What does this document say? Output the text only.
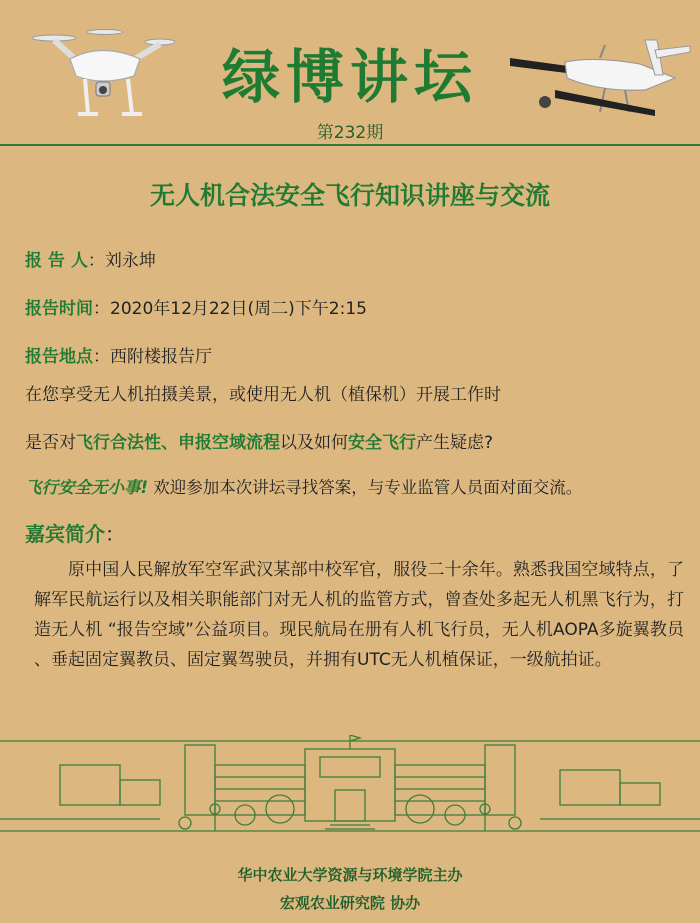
绿博讲坛
第232期
无人机合法安全飞行知识讲座与交流
报 告 人：刘永坤
报告时间：2020年12月22日(周二)下午2:15
报告地点：西附楼报告厅
在您享受无人机拍摄美景，或使用无人机（植保机）开展工作时
是否对飞行合法性、申报空域流程以及如何安全飞行产生疑虑?
飞行安全无小事! 欢迎参加本次讲坛寻找答案，与专业监管人员面对面交流。
嘉宾简介：
原中国人民解放军空军武汉某部中校军官，服役二十余年。熟悉我国空域特点，了解军民航运行以及相关职能部门对无人机的监管方式，曾查处多起无人机黑飞行为，打造无人机 “报告空域”公益项目。现民航局在册有人机飞行员，无人机AOPA多旋翼教员 、垂起固定翼教员、固定翼驾驶员，并拥有UTC无人机植保证，一级航拍证。
华中农业大学资源与环境学院主办
宏观农业研究院 协办
